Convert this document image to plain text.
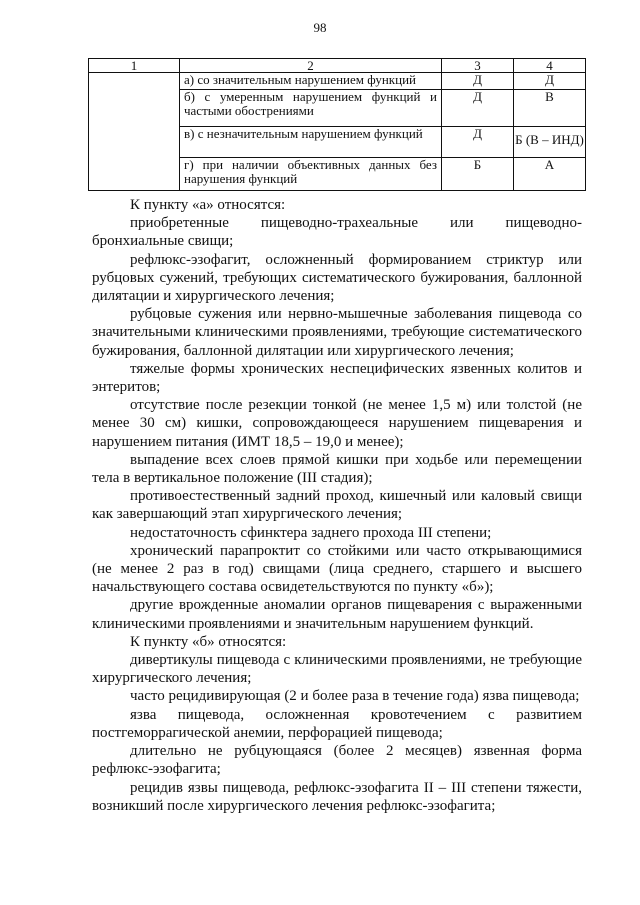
98
1	2	3	4
	а) со значительным нарушением функций	Д	Д
	б) с умеренным нарушением функций и частыми обострениями	Д	В
	в) с незначительным нарушением функций	Д	Б (В – ИНД)
	г) при наличии объективных данных без нарушения функций	Б	А

К пункту «а» относятся:

приобретенные пищеводно-трахеальные или пищеводно-бронхиальные свищи;

рефлюкс-эзофагит, осложненный формированием стриктур или рубцовых сужений, требующих систематического бужирования, баллонной дилятации и хирургического лечения;

рубцовые сужения или нервно-мышечные заболевания пищевода со значительными клиническими проявлениями, требующие систематического бужирования, баллонной дилятации или хирургического лечения;

тяжелые формы хронических неспецифических язвенных колитов и энтеритов;

отсутствие после резекции тонкой (не менее 1,5 м) или толстой (не менее 30 см) кишки, сопровождающееся нарушением пищеварения и нарушением питания (ИМТ 18,5 – 19,0 и менее);

выпадение всех слоев прямой кишки при ходьбе или перемещении тела в вертикальное положение (III стадия);

противоестественный задний проход, кишечный или каловый свищи как завершающий этап хирургического лечения;

недостаточность сфинктера заднего прохода III степени;

хронический парапроктит со стойкими или часто открывающимися (не менее 2 раз в год) свищами (лица среднего, старшего и высшего начальствующего состава освидетельствуются по пункту «б»);

другие врожденные аномалии органов пищеварения с выраженными клиническими проявлениями и значительным нарушением функций.

К пункту «б» относятся:

дивертикулы пищевода с клиническими проявлениями, не требующие хирургического лечения;

часто рецидивирующая (2 и более раза в течение года) язва пищевода;

язва пищевода, осложненная кровотечением с развитием постгеморрагической анемии, перфорацией пищевода;

длительно не рубцующаяся (более 2 месяцев) язвенная форма рефлюкс-эзофагита;

рецидив язвы пищевода, рефлюкс-эзофагита II – III степени тяжести, возникший после хирургического лечения рефлюкс-эзофагита;
